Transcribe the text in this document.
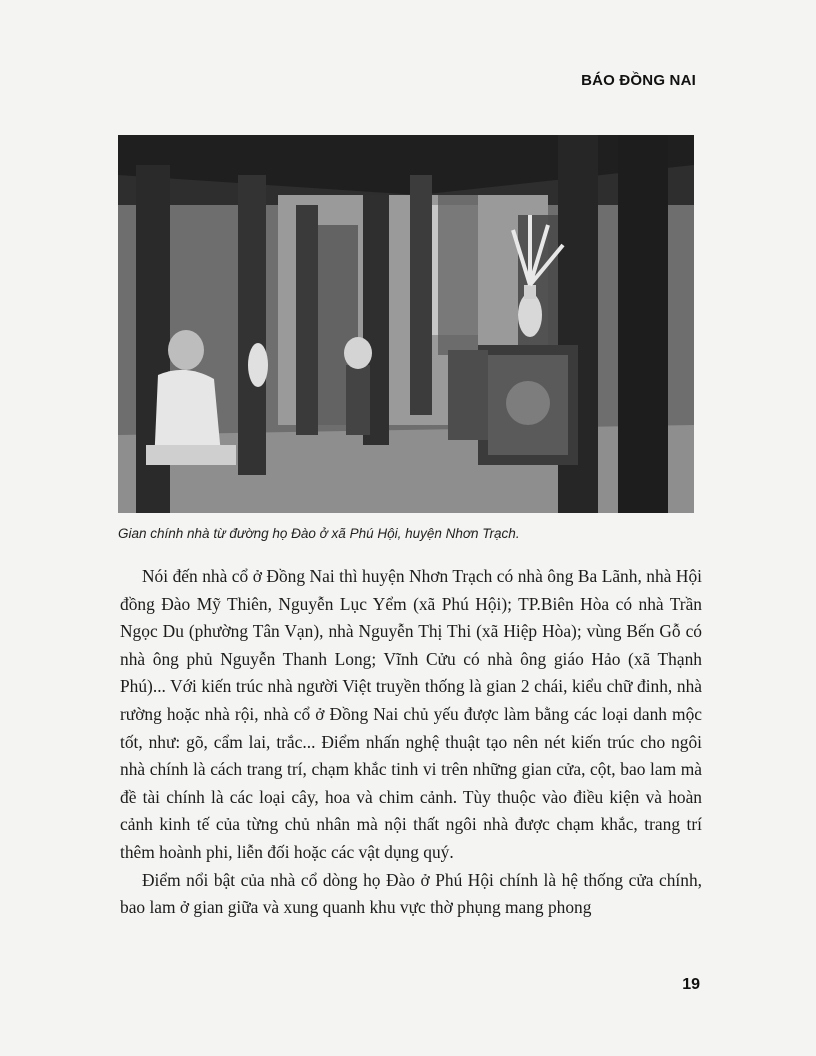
BÁO ĐỒNG NAI
Gian chính nhà từ đường họ Đào ở xã Phú Hội, huyện Nhơn Trạch.

Nói đến nhà cổ ở Đồng Nai thì huyện Nhơn Trạch có nhà ông Ba Lãnh, nhà Hội đồng Đào Mỹ Thiên, Nguyễn Lục Yểm (xã Phú Hội); TP.Biên Hòa có nhà Trần Ngọc Du (phường Tân Vạn), nhà Nguyễn Thị Thi (xã Hiệp Hòa); vùng Bến Gỗ có nhà ông phủ Nguyễn Thanh Long; Vĩnh Cửu có nhà ông giáo Hảo (xã Thạnh Phú)... Với kiến trúc nhà người Việt truyền thống là gian 2 chái, kiểu chữ đinh, nhà rường hoặc nhà rội, nhà cổ ở Đồng Nai chủ yếu được làm bằng các loại danh mộc tốt, như: gõ, cẩm lai, trắc... Điểm nhấn nghệ thuật tạo nên nét kiến trúc cho ngôi nhà chính là cách trang trí, chạm khắc tinh vi trên những gian cửa, cột, bao lam mà đề tài chính là các loại cây, hoa và chim cảnh. Tùy thuộc vào điều kiện và hoàn cảnh kinh tế của từng chủ nhân mà nội thất ngôi nhà được chạm khắc, trang trí thêm hoành phi, liễn đối hoặc các vật dụng quý.

Điểm nổi bật của nhà cổ dòng họ Đào ở Phú Hội chính là hệ thống cửa chính, bao lam ở gian giữa và xung quanh khu vực thờ phụng mang phong

19
